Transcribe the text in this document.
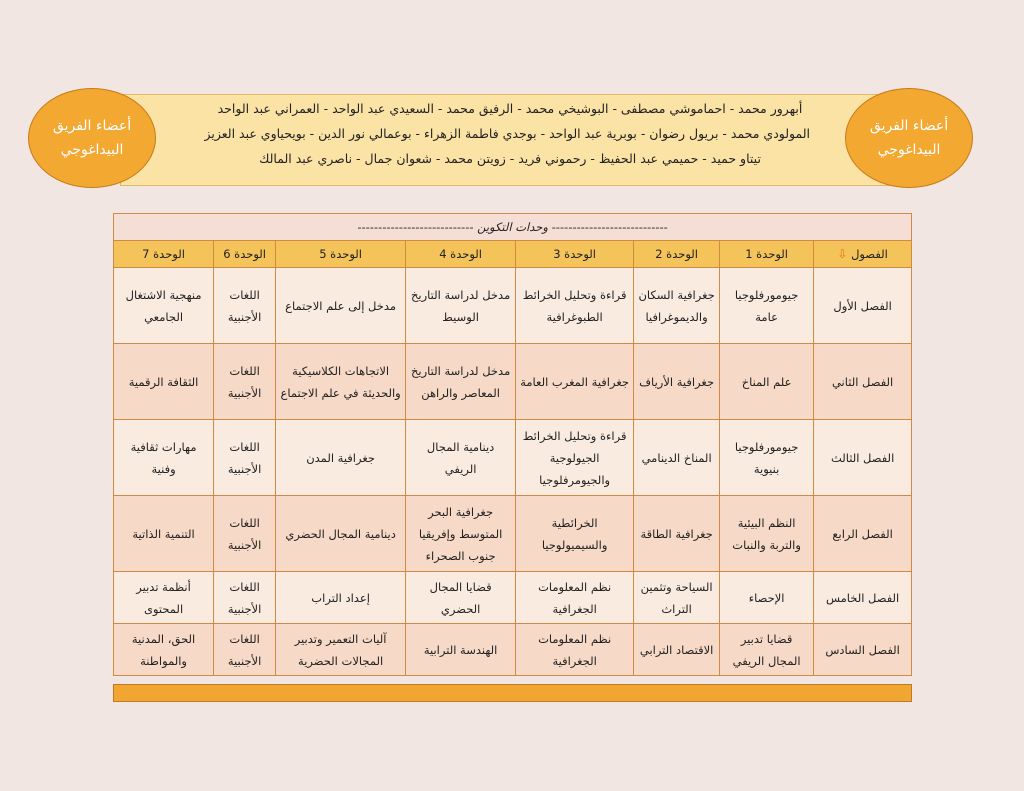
أعضاء الفريق
البيداغوجي
أعضاء الفريق
البيداغوجي
أبهرور محمد - احماموشي مصطفى - البوشيخي محمد - الرفيق محمد - السعيدي عبد الواحد - العمراني عبد الواحد
المولودي محمد - بريول رضوان - بوبرية عبد الواحد - بوجدي فاطمة الزهراء - بوعمالي نور الدين - بويحياوي عبد العزيز
تيتاو حميد - حميمي عبد الحفيظ - رحموني فريد - زويتن محمد - شعوان جمال - ناصري عبد المالك
---------------------------- وحدات التكوين ----------------------------							
الفصول ⇩	الوحدة 1	الوحدة 2	الوحدة 3	الوحدة 4	الوحدة 5	الوحدة 6	الوحدة 7
الفصل الأول	جيومورفلوجيا عامة	جغرافية السكان والديموغرافيا	قراءة وتحليل الخرائط الطبوغرافية	مدخل لدراسة التاريخ الوسيط	مدخل إلى علم الاجتماع	اللغات الأجنبية	منهجية الاشتغال الجامعي
الفصل الثاني	علم المناخ	جغرافية الأرياف	جغرافية المغرب العامة	مدخل لدراسة التاريخ المعاصر والراهن	الاتجاهات الكلاسيكية والحديثة في علم الاجتماع	اللغات الأجنبية	الثقافة الرقمية
الفصل الثالث	جيومورفلوجيا بنيوية	المناخ الدينامي	قراءة وتحليل الخرائط الجيولوجية والجيومرفلوجيا	دينامية المجال الريفي	جغرافية المدن	اللغات الأجنبية	مهارات ثقافية وفنية
الفصل الرابع	النظم البيئية والتربة والنبات	جغرافية الطاقة	الخرائطية والسيميولوجيا	جغرافية البحر المتوسط وإفريقيا جنوب الصحراء	دينامية المجال الحضري	اللغات الأجنبية	التنمية الذاتية
الفصل الخامس	الإحصاء	السياحة وتثمين التراث	نظم المعلومات الجغرافية	قضايا المجال الحضري	إعداد التراب	اللغات الأجنبية	أنظمة تدبير المحتوى
الفصل السادس	قضايا تدبير المجال الريفي	الاقتصاد الترابي	نظم المعلومات الجغرافية	الهندسة الترابية	آليات التعمير وتدبير المجالات الحضرية	اللغات الأجنبية	الحق، المدنية والمواطنة
